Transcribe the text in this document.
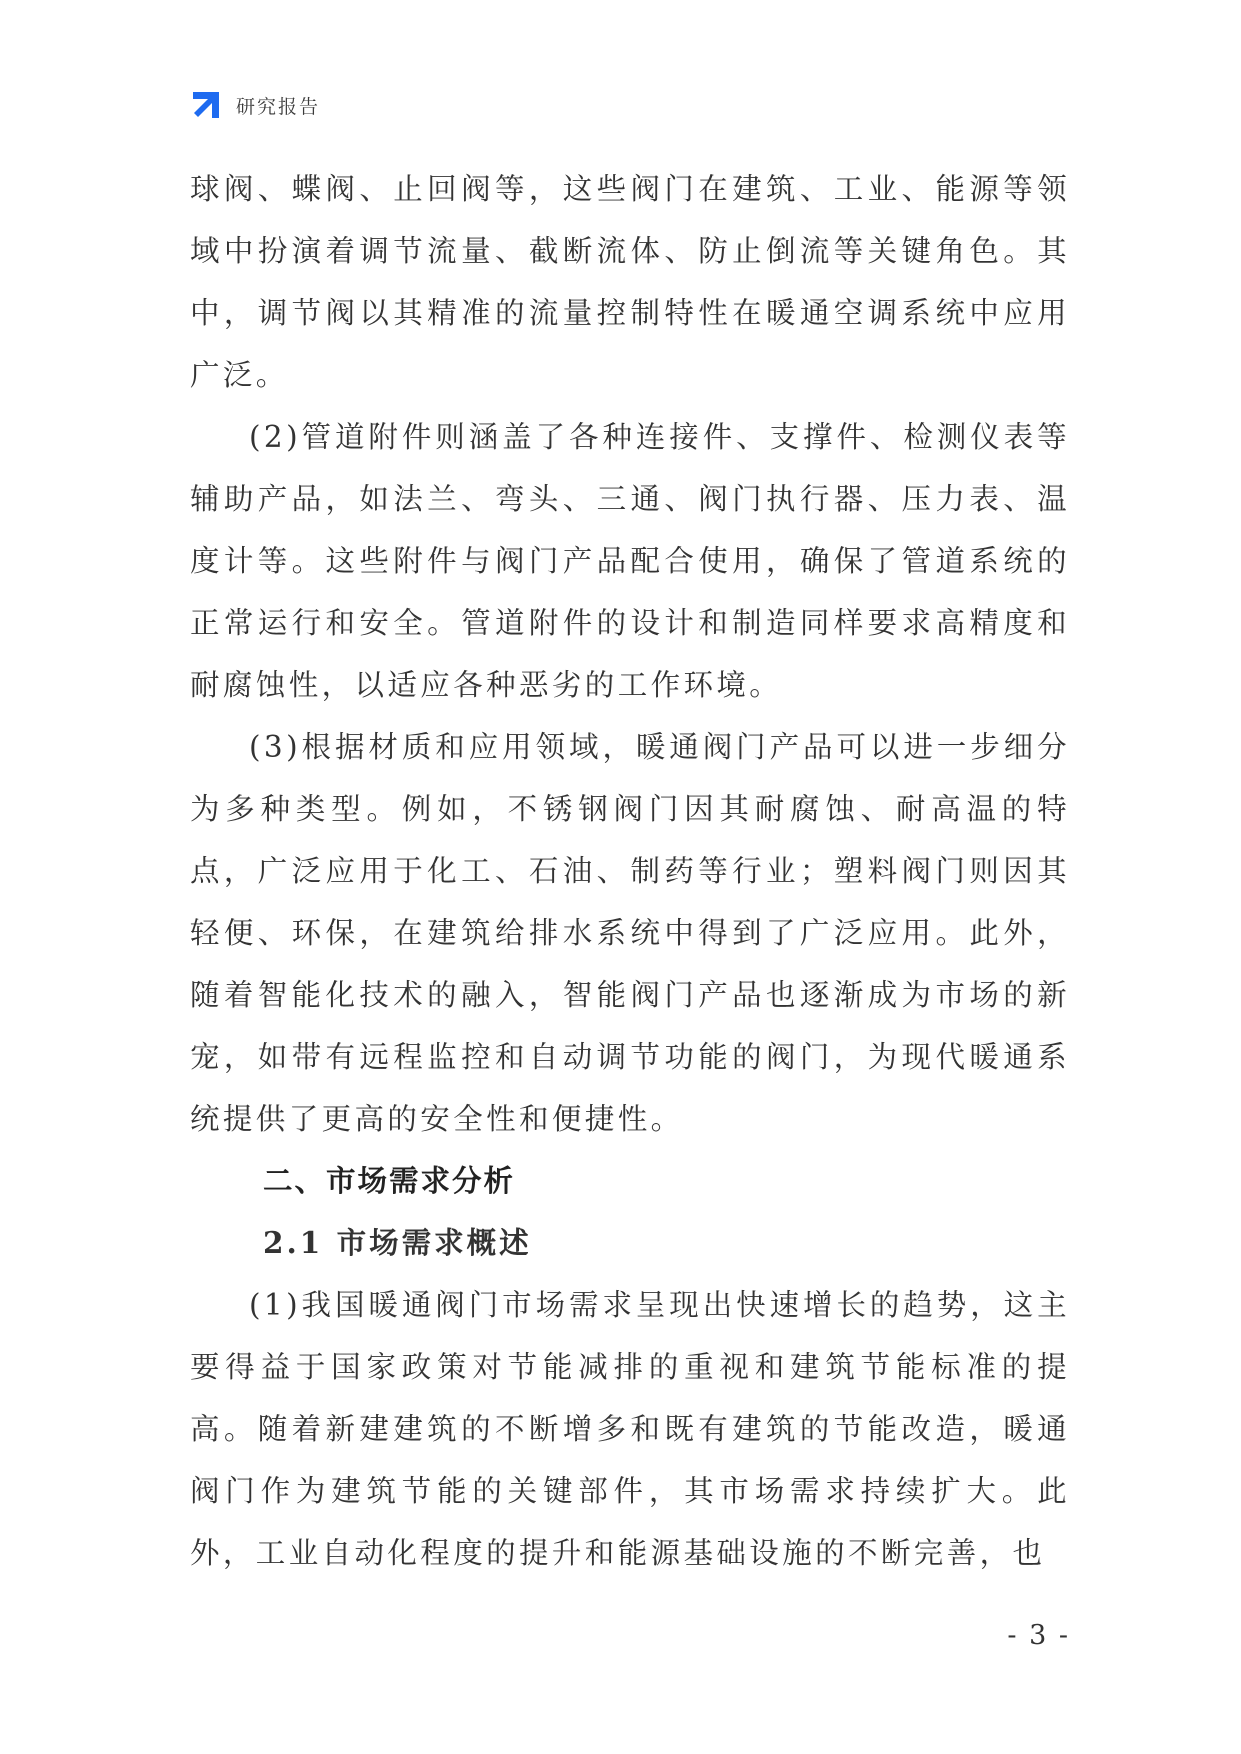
研究报告

球阀、蝶阀、止回阀等，这些阀门在建筑、工业、能源等领域中扮演着调节流量、截断流体、防止倒流等关键角色。其中，调节阀以其精准的流量控制特性在暖通空调系统中应用广泛。

(2)管道附件则涵盖了各种连接件、支撑件、检测仪表等辅助产品，如法兰、弯头、三通、阀门执行器、压力表、温度计等。这些附件与阀门产品配合使用，确保了管道系统的正常运行和安全。管道附件的设计和制造同样要求高精度和耐腐蚀性，以适应各种恶劣的工作环境。

(3)根据材质和应用领域，暖通阀门产品可以进一步细分为多种类型。例如，不锈钢阀门因其耐腐蚀、耐高温的特点，广泛应用于化工、石油、制药等行业；塑料阀门则因其轻便、环保，在建筑给排水系统中得到了广泛应用。此外，随着智能化技术的融入，智能阀门产品也逐渐成为市场的新宠，如带有远程监控和自动调节功能的阀门，为现代暖通系统提供了更高的安全性和便捷性。

二、市场需求分析
2.1 市场需求概述

(1)我国暖通阀门市场需求呈现出快速增长的趋势，这主要得益于国家政策对节能减排的重视和建筑节能标准的提高。随着新建建筑的不断增多和既有建筑的节能改造，暖通阀门作为建筑节能的关键部件，其市场需求持续扩大。此外，工业自动化程度的提升和能源基础设施的不断完善，也

- 3 -
